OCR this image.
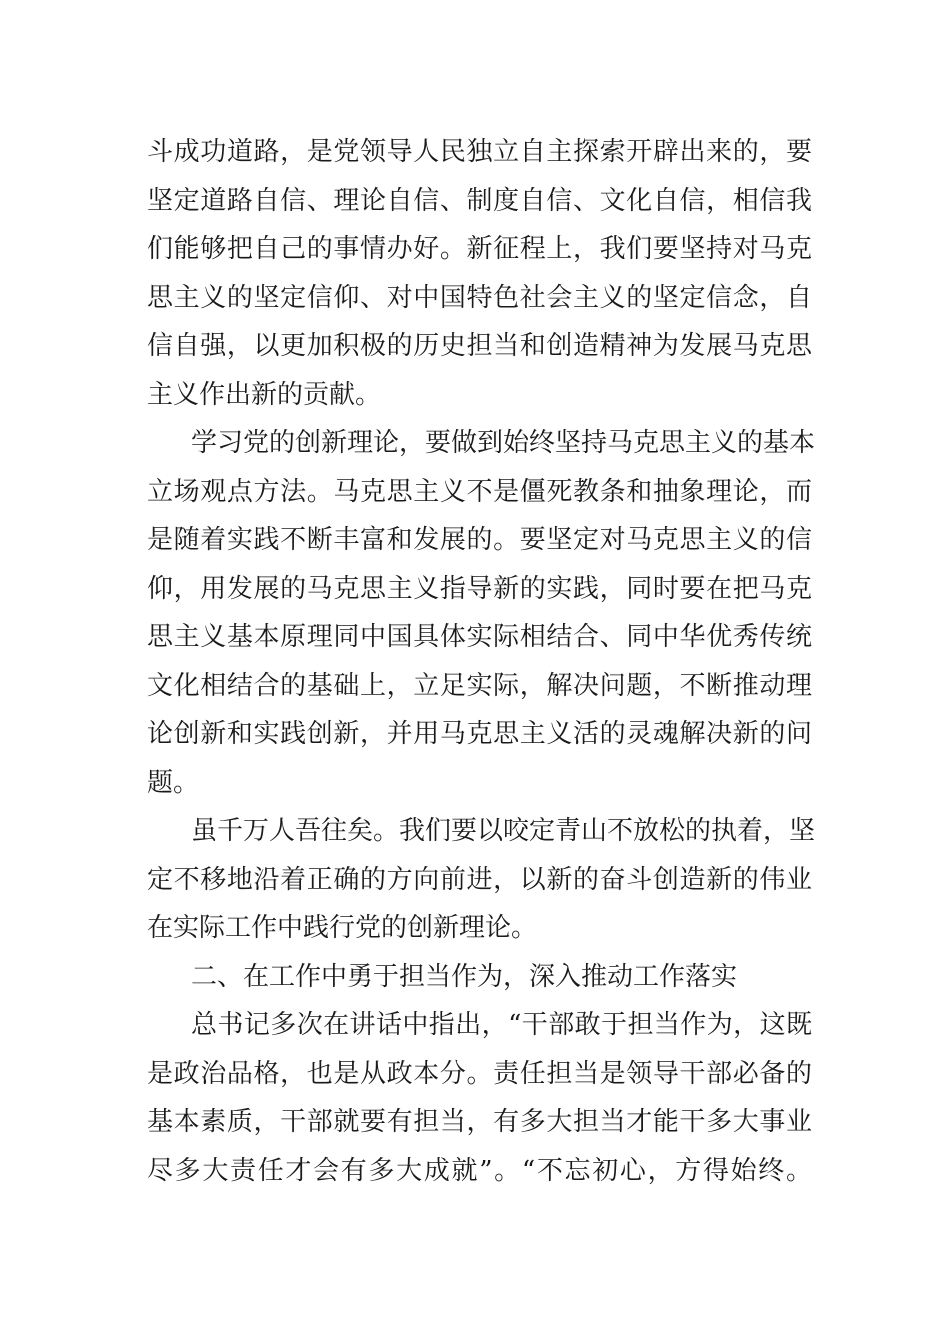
斗成功道路，是党领导人民独立自主探索开辟出来的，要
坚定道路自信、理论自信、制度自信、文化自信，相信我
们能够把自己的事情办好。新征程上，我们要坚持对马克
思主义的坚定信仰、对中国特色社会主义的坚定信念，自
信自强，以更加积极的历史担当和创造精神为发展马克思
主义作出新的贡献。
学习党的创新理论，要做到始终坚持马克思主义的基本
立场观点方法。马克思主义不是僵死教条和抽象理论，而
是随着实践不断丰富和发展的。要坚定对马克思主义的信
仰，用发展的马克思主义指导新的实践，同时要在把马克
思主义基本原理同中国具体实际相结合、同中华优秀传统
文化相结合的基础上，立足实际，解决问题，不断推动理
论创新和实践创新，并用马克思主义活的灵魂解决新的问
题。
虽千万人吾往矣。我们要以咬定青山不放松的执着，坚
定不移地沿着正确的方向前进，以新的奋斗创造新的伟业
在实际工作中践行党的创新理论。
二、在工作中勇于担当作为，深入推动工作落实
总书记多次在讲话中指出，“干部敢于担当作为，这既
是政治品格，也是从政本分。责任担当是领导干部必备的
基本素质，干部就要有担当，有多大担当才能干多大事业
尽多大责任才会有多大成就”。“不忘初心，方得始终。
